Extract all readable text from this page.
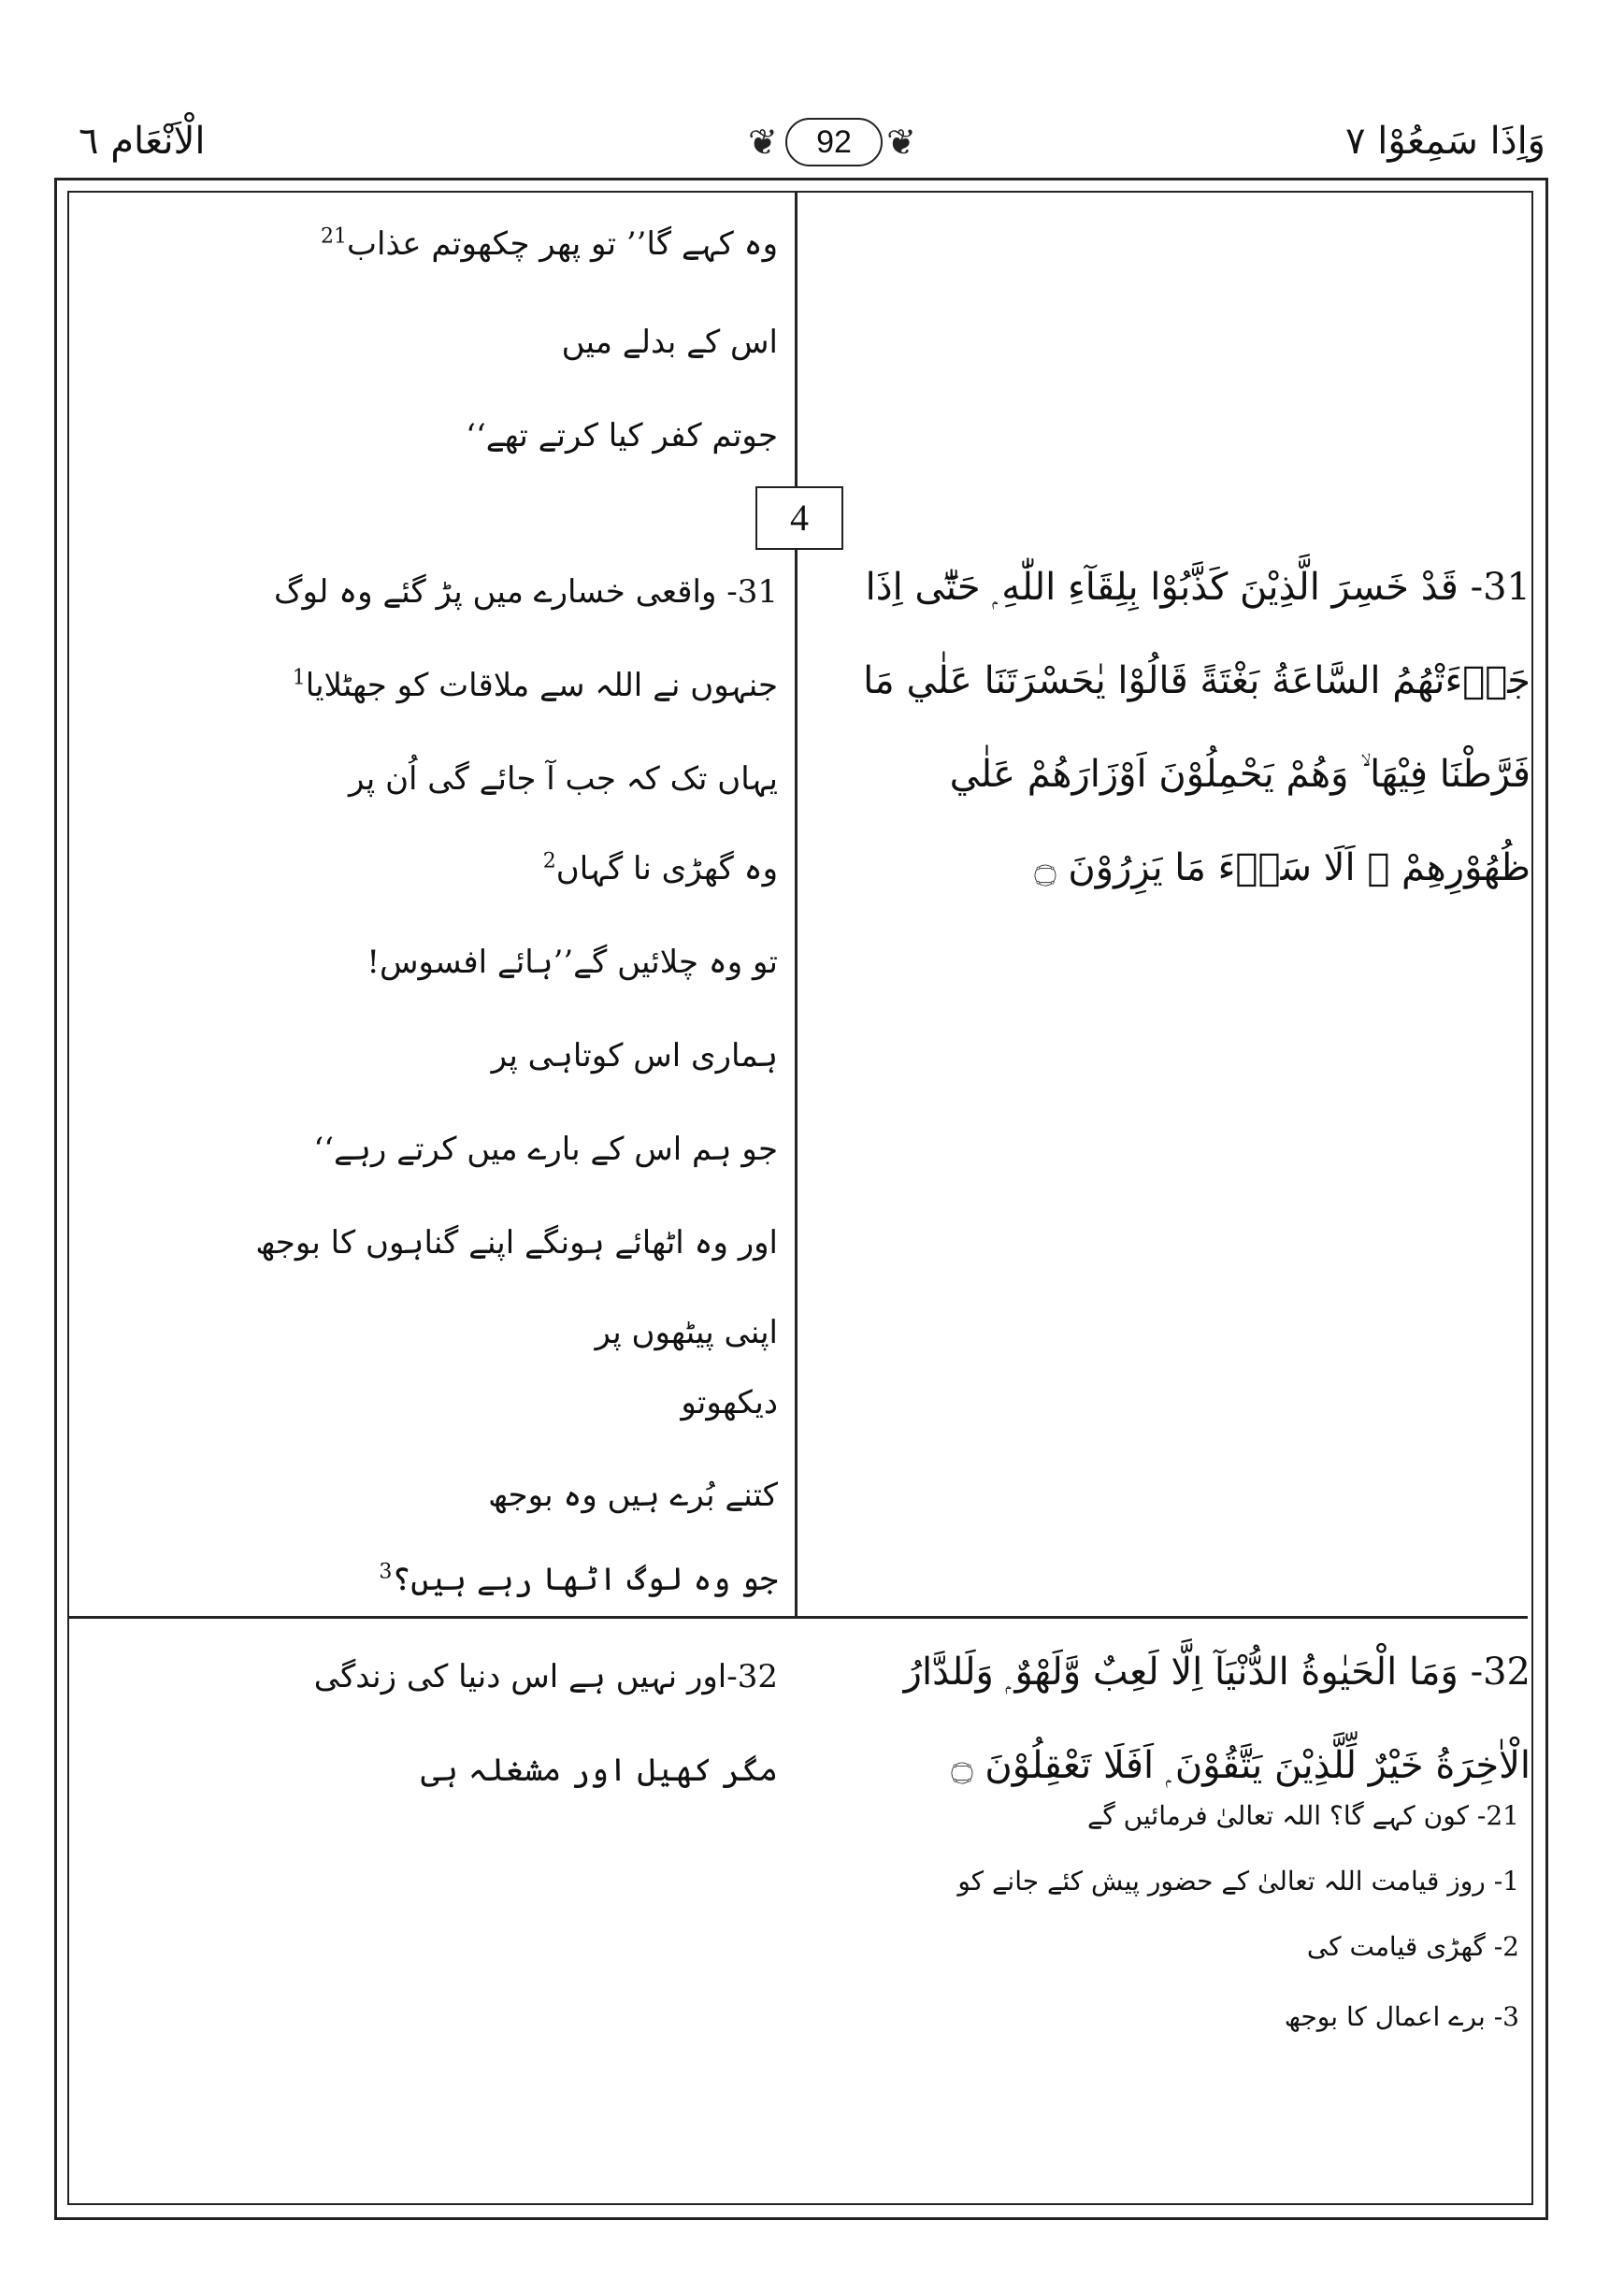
الْاَنْعَام ٦	❦	92 ❦	وَاِذَا سَمِعُوْا ٧
4
وہ کہے گا’’ تو پھر چکھوتم عذاب$^{21}$
اس کے بدلے میں
جوتم کفر کیا کرتے تھے‘‘
31- واقعی خسارے میں پڑ گئے وہ لوگ
جنہوں نے اللہ سے ملاقات کو جھٹلایا$^1$
یہاں تک کہ جب آ جائے گی اُن پر
وہ گھڑی نا گہاں$^2$
تو وہ چلائیں گے’’ہائے افسوس!
ہماری اس کوتاہی پر
جو ہم اس کے بارے میں کرتے رہے‘‘
اور وہ اٹھائے ہونگے اپنے گناہوں کا بوجھ
اپنی پیٹھوں پر
دیکھوتو
کتنے بُرے ہیں وہ بوجھ
جو وہ لوگ اٹھا رہے ہیں؟$^3$
32-اور نہیں ہے اس دنیا کی زندگی
مگر کھیل اور مشغلہ ہی
31- قَدْ خَسِرَ الَّذِيْنَ كَذَّبُوْا بِلِقَآءِ اللّٰهِ ۭ حَتّٰٓى اِذَا
جَاۗءَتْهُمُ السَّاعَةُ بَغْتَةً قَالُوْا يٰحَسْرَتَنَا عَلٰي مَا
فَرَّطْنَا فِيْهَا ۙ وَهُمْ يَحْمِلُوْنَ اَوْزَارَهُمْ عَلٰي
ظُهُوْرِهِمْ ۭ اَلَا سَاۗءَ مَا يَزِرُوْنَ ۝
32- وَمَا الْحَيٰوةُ الدُّنْيَآ اِلَّا لَعِبٌ وَّلَهْوٌ ۭ وَلَلدَّارُ
الْاٰخِرَةُ خَيْرٌ لِّلَّذِيْنَ يَتَّقُوْنَ ۭ اَفَلَا تَعْقِلُوْنَ ۝
21- کون کہے گا؟ اللہ تعالیٰ فرمائیں گے
1- روز قیامت اللہ تعالیٰ کے حضور پیش کئے جانے کو
2- گھڑی قیامت کی
3- برے اعمال کا بوجھ
